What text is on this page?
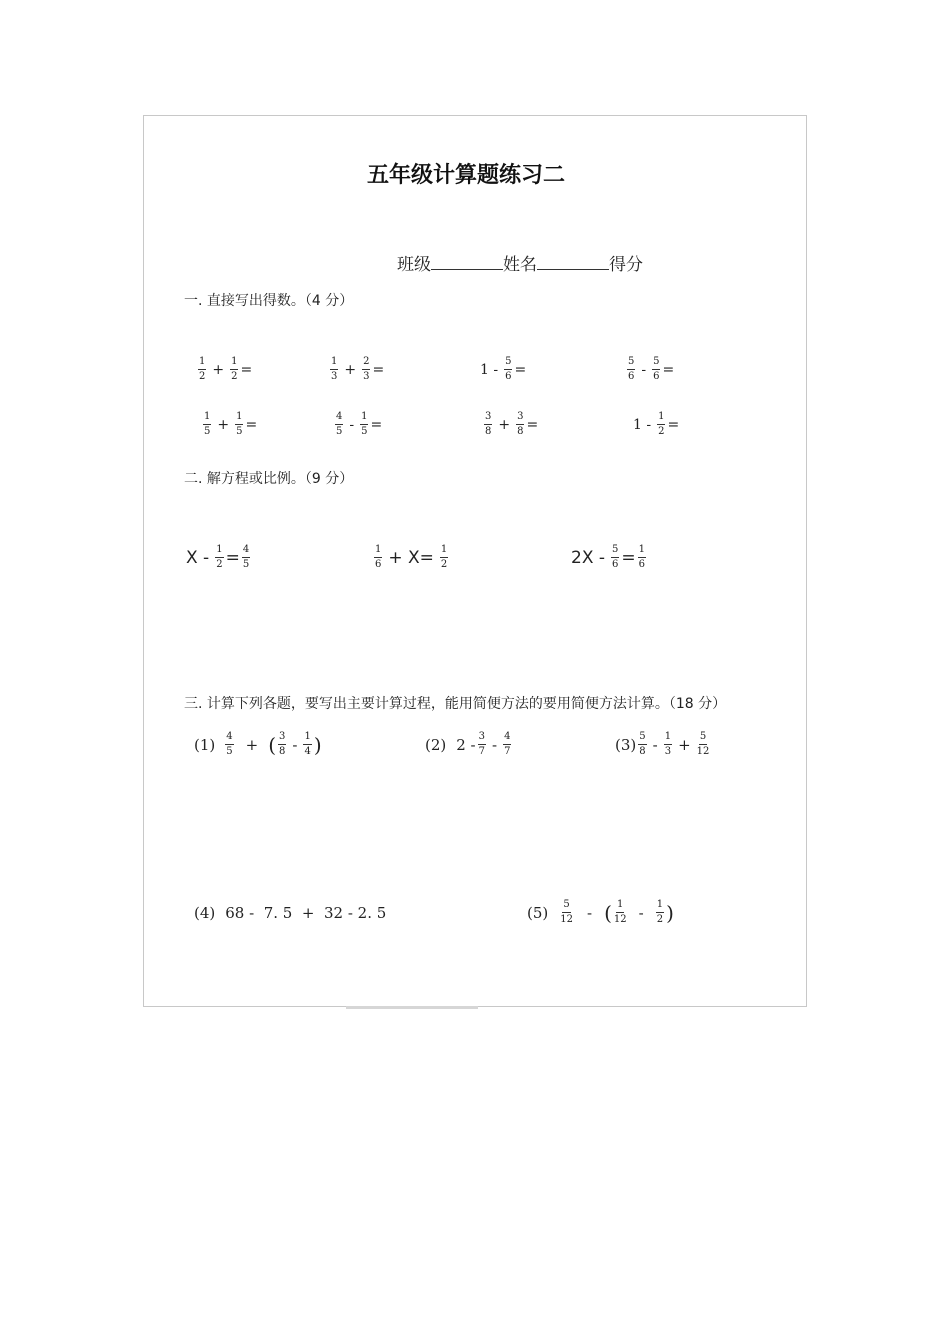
五年级计算题练习二
班级	姓名	得分
一. 直接写出得数。（4 分）
$\frac{1}{2} + \frac{1}{2}$ =	$\frac{1}{3} + \frac{2}{3}$ =	$1 - \frac{5}{6}$ =	$\frac{5}{6} - \frac{5}{6}$ =
$\frac{1}{5} + \frac{1}{5}$ =	$\frac{4}{5} - \frac{1}{5}$ =	$\frac{3}{8} + \frac{3}{8}$ =	$1 - \frac{1}{2}$ =
二. 解方程或比例。（9 分）
$X - \frac{1}{2} = \frac{4}{5}$	$\frac{1}{6} + X= \frac{1}{2}$	$2X - \frac{5}{6} = \frac{1}{6}$
三. 计算下列各题，要写出主要计算过程，能用简便方法的要用简便方法计算。（18 分）
$(1) \frac{4}{5}$ + ( $\frac{3}{8} - \frac{1}{4}$ )	(2) $2 - \frac{3}{7} - \frac{4}{7}$	$(3) \frac{5}{8} - \frac{1}{3} + \frac{5}{12}$
(4) 68 -  7. 5  +  32 - 2. 5	$(5) \frac{5}{12}$ - ( $\frac{1}{12} - \frac{1}{2}$ )
